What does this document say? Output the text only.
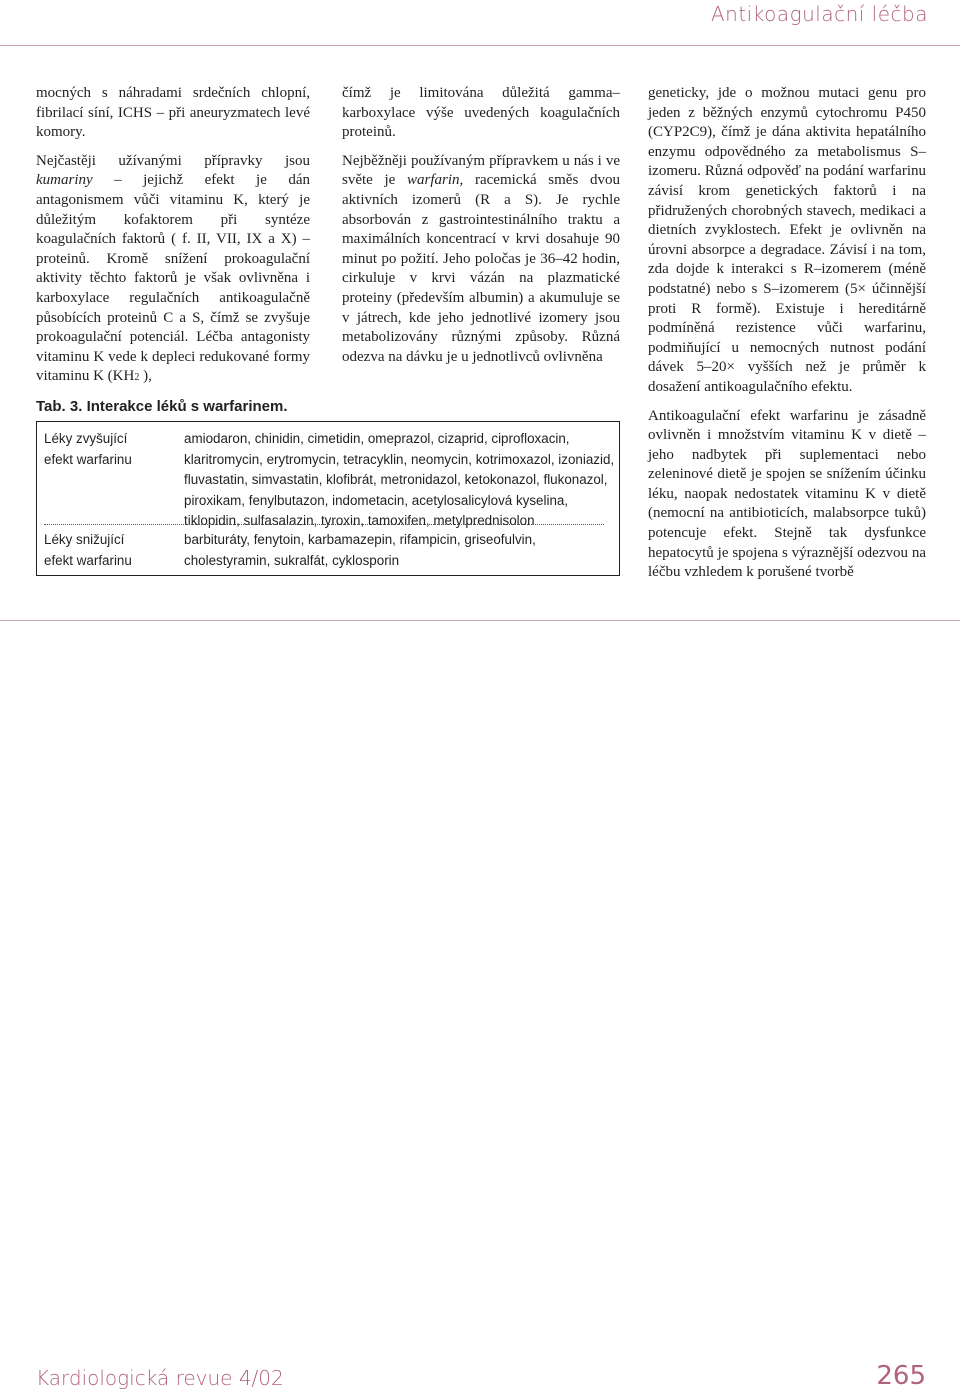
Antikoagulační léčba

mocných s náhradami srdečních chlopní, fibrilací síní, ICHS – při aneuryzmatech levé komory.

Nejčastěji užívanými přípravky jsou kumariny – jejichž efekt je dán antagonismem vůči vitaminu K, který je důležitým kofaktorem při syntéze koagulačních faktorů ( f. II, VII, IX a X) – proteinů. Kromě snížení prokoagulační aktivity těchto faktorů je však ovlivněna i karboxylace regulačních antikoagulačně působících proteinů C a S, čímž se zvyšuje prokoagulační potenciál. Léčba antagonisty vitaminu K vede k depleci redukované formy vitaminu K (KH2 ),

čímž je limitována důležitá gamma–karboxylace výše uvedených koagulačních proteinů.

Nejběžněji používaným přípravkem u nás i ve světe je warfarin, racemická směs dvou aktivních izomerů (R a S). Je rychle absorbován z gastrointestinálního traktu a maximálních koncentrací v krvi dosahuje 90 minut po požití. Jeho poločas je 36–42 hodin, cirkuluje v krvi vázán na plazmatické proteiny (především albumin) a akumuluje se v játrech, kde jeho jednotlivé izomery jsou metabolizovány různými způsoby. Různá odezva na dávku je u jednotlivců ovlivněna

geneticky, jde o možnou mutaci genu pro jeden z běžných enzymů cytochromu P450 (CYP2C9), čímž je dána aktivita hepatálního enzymu odpovědného za metabolismus S–izomeru. Různá odpověď na podání warfarinu závisí krom genetických faktorů i na přidružených chorobných stavech, medikaci a dietních zvyklostech. Efekt je ovlivněn na úrovni absorpce a degradace. Závisí i na tom, zda dojde k interakci s R–izomerem (méně podstatné) nebo s S–izomerem (5× účinnější proti R formě). Existuje i hereditárně podmíněná rezistence vůči warfarinu, podmiňující u nemocných nutnost podání dávek 5–20× vyšších než je průměr k dosažení antikoagulačního efektu.

Antikoagulační efekt warfarinu je zásadně ovlivněn i množstvím vitaminu K v dietě – jeho nadbytek při suplementaci nebo zeleninové dietě je spojen se snížením účinku léku, naopak nedostatek vitaminu K v dietě (nemocní na antibioticích, malabsorpce tuků) potencuje efekt. Stejně tak dysfunkce hepatocytů je spojena s výraznější odezvou na léčbu vzhledem k porušené tvorbě

Tab. 3. Interakce léků s warfarinem.
Léky zvyšující
efekt warfarinu
amiodaron, chinidin, cimetidin, omeprazol, cizaprid, ciprofloxacin, klaritromycin, erytromycin, tetracyklin, neomycin, kotrimoxazol, izoniazid, fluvastatin, simvastatin, klofibrát, metronidazol, ketokonazol, flukonazol, piroxikam, fenylbutazon, indometacin, acetylosalicylová kyselina, tiklopidin, sulfasalazin, tyroxin, tamoxifen, metylprednisolon
Léky snižující
efekt warfarinu
barbituráty, fenytoin, karbamazepin, rifampicin, griseofulvin, cholestyramin, sukralfát, cyklosporin
Kardiologická revue 4/02	265
